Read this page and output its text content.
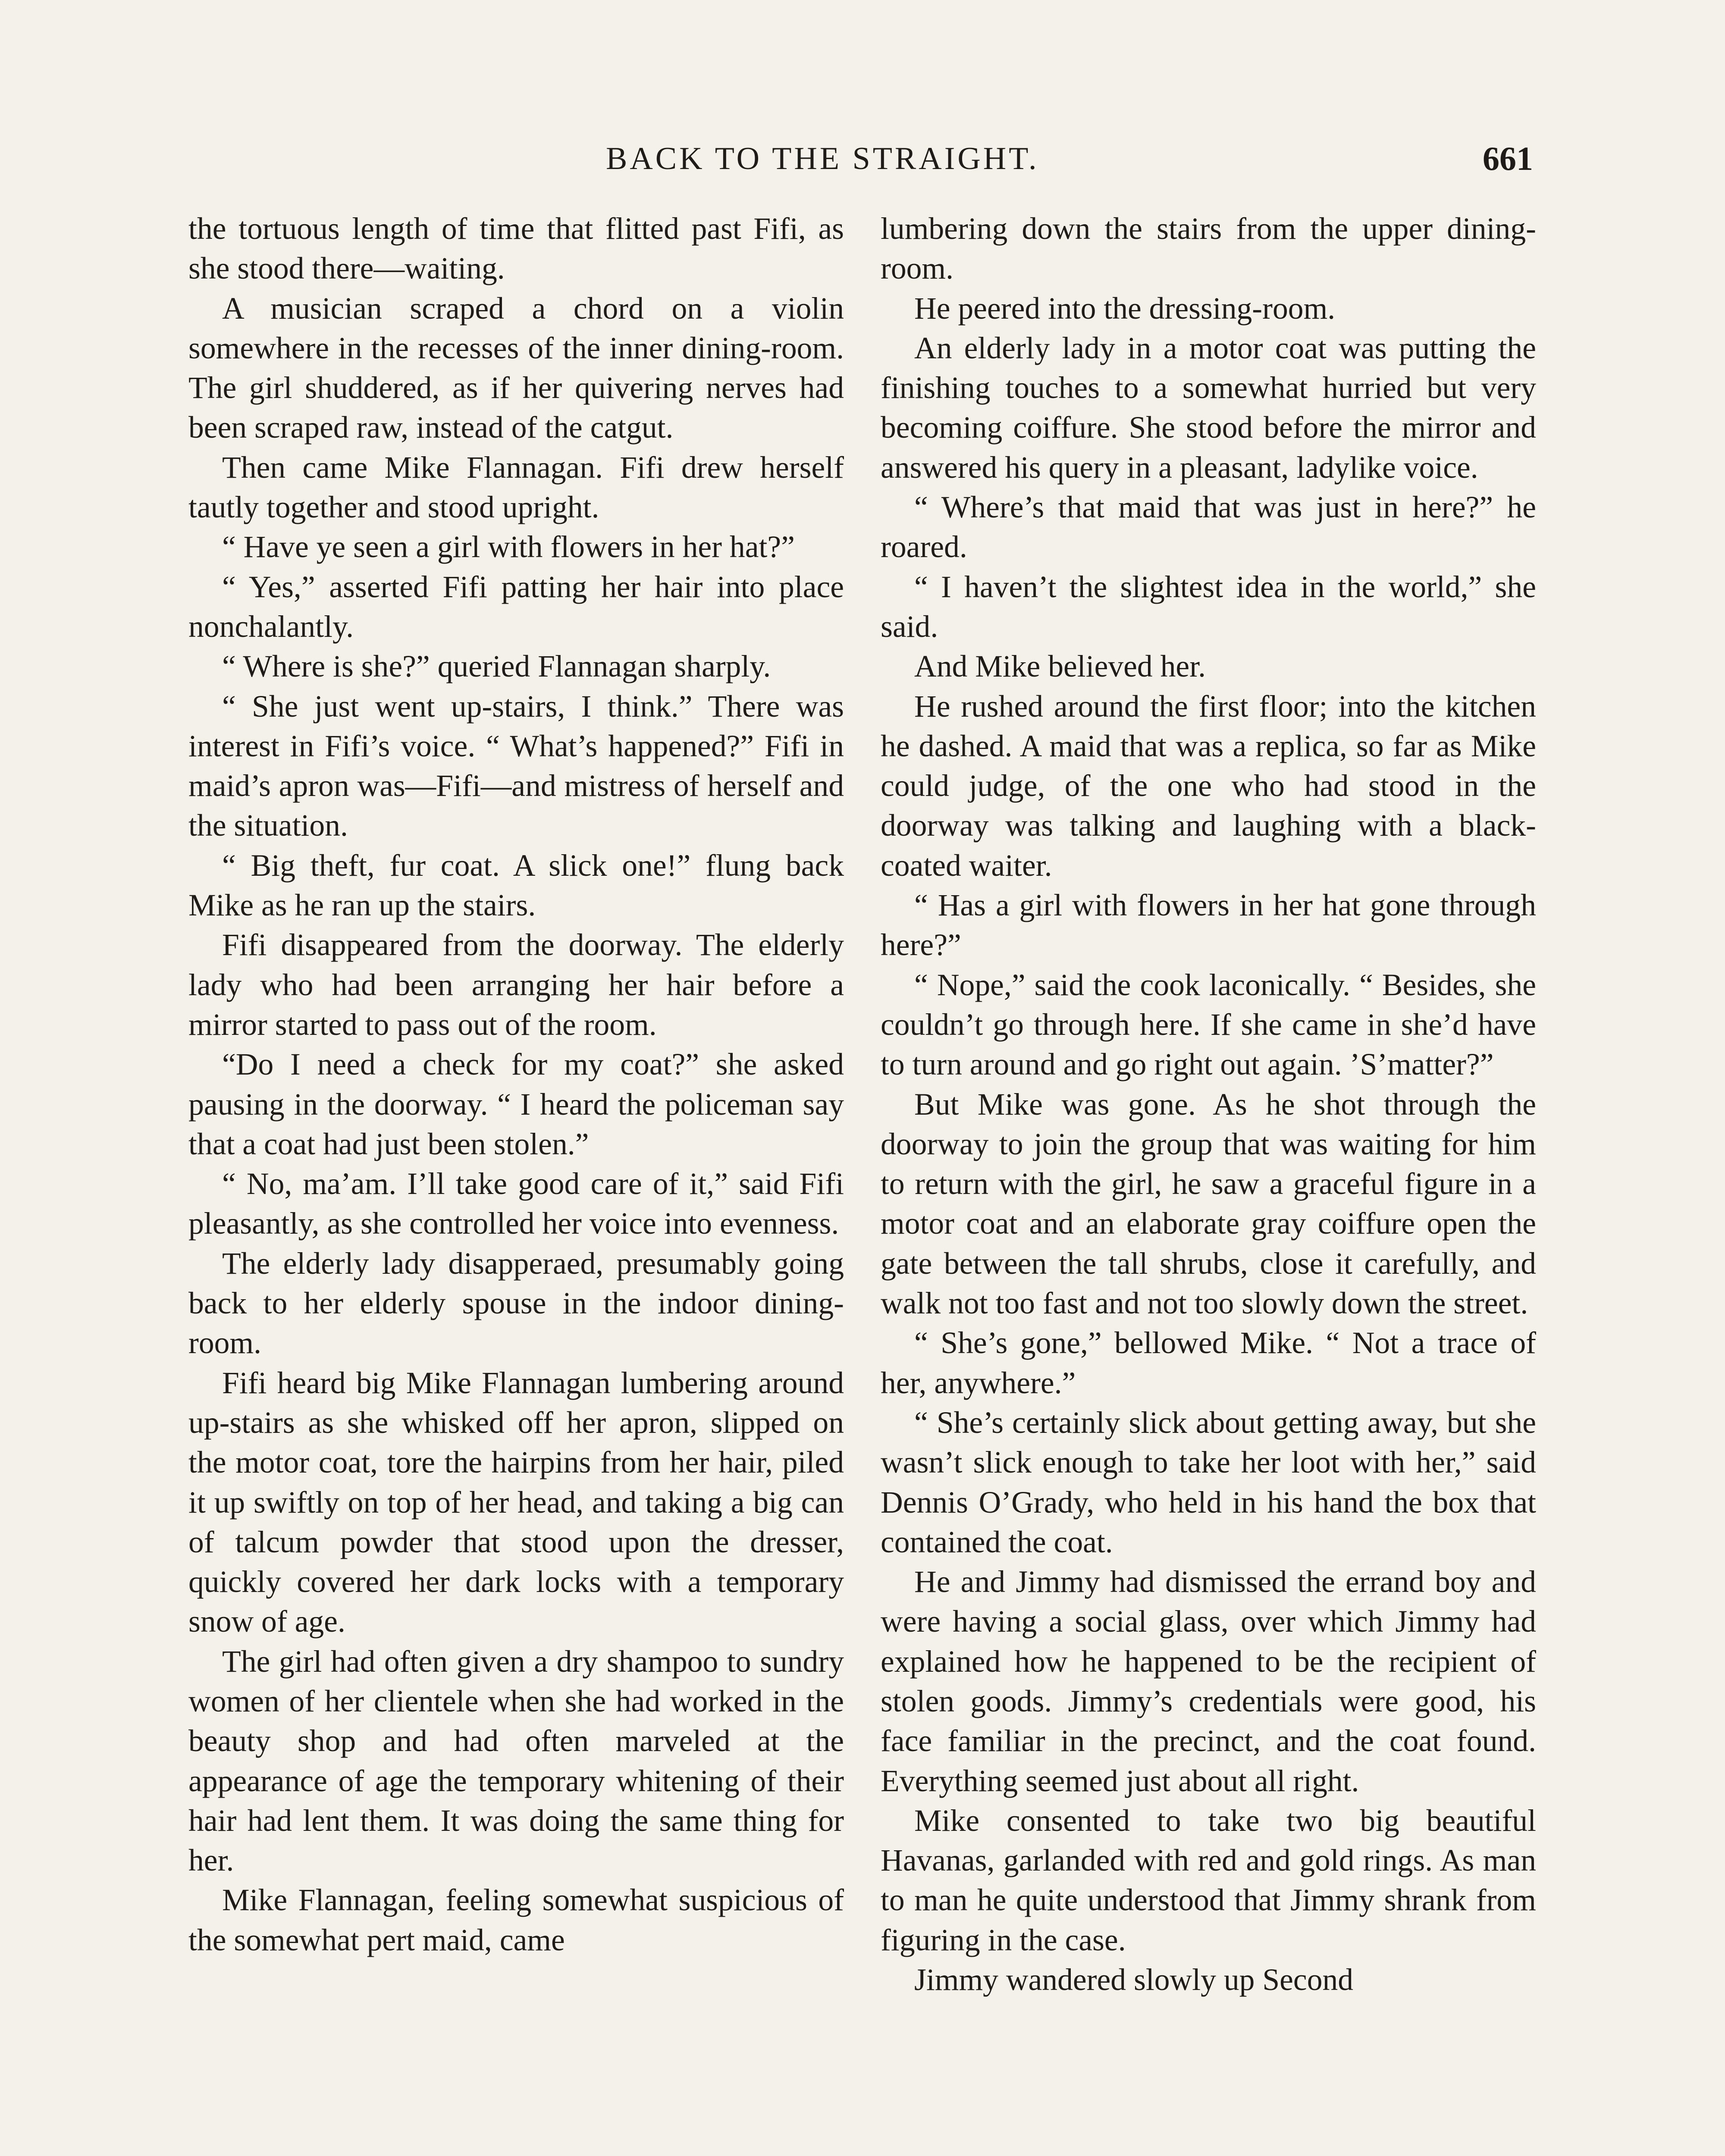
BACK TO THE STRAIGHT.	661

the tortuous length of time that flitted past Fifi, as she stood there—waiting.

A musician scraped a chord on a violin somewhere in the recesses of the inner dining-room. The girl shuddered, as if her quivering nerves had been scraped raw, instead of the catgut.

Then came Mike Flannagan. Fifi drew herself tautly together and stood upright.

“ Have ye seen a girl with flowers in her hat?”

“ Yes,” asserted Fifi patting her hair into place nonchalantly.

“ Where is she?” queried Flannagan sharply.

“ She just went up-stairs, I think.” There was interest in Fifi’s voice. “ What’s happened?” Fifi in maid’s apron was—Fifi—and mistress of herself and the situation.

“ Big theft, fur coat. A slick one!” flung back Mike as he ran up the stairs.

Fifi disappeared from the doorway. The elderly lady who had been arranging her hair before a mirror started to pass out of the room.

“Do I need a check for my coat?” she asked pausing in the doorway. “ I heard the policeman say that a coat had just been stolen.”

“ No, ma’am. I’ll take good care of it,” said Fifi pleasantly, as she controlled her voice into evenness.

The elderly lady disapperaed, presumably going back to her elderly spouse in the indoor dining-room.

Fifi heard big Mike Flannagan lumbering around up-stairs as she whisked off her apron, slipped on the motor coat, tore the hairpins from her hair, piled it up swiftly on top of her head, and taking a big can of talcum powder that stood upon the dresser, quickly covered her dark locks with a temporary snow of age.

The girl had often given a dry shampoo to sundry women of her clientele when she had worked in the beauty shop and had often marveled at the appearance of age the temporary whitening of their hair had lent them. It was doing the same thing for her.

Mike Flannagan, feeling somewhat suspicious of the somewhat pert maid, came

lumbering down the stairs from the upper dining-room.

He peered into the dressing-room.

An elderly lady in a motor coat was putting the finishing touches to a somewhat hurried but very becoming coiffure. She stood before the mirror and answered his query in a pleasant, ladylike voice.

“ Where’s that maid that was just in here?” he roared.

“ I haven’t the slightest idea in the world,” she said.

And Mike believed her.

He rushed around the first floor; into the kitchen he dashed. A maid that was a replica, so far as Mike could judge, of the one who had stood in the doorway was talking and laughing with a black-coated waiter.

“ Has a girl with flowers in her hat gone through here?”

“ Nope,” said the cook laconically. “ Besides, she couldn’t go through here. If she came in she’d have to turn around and go right out again. ’S’matter?”

But Mike was gone. As he shot through the doorway to join the group that was waiting for him to return with the girl, he saw a graceful figure in a motor coat and an elaborate gray coiffure open the gate between the tall shrubs, close it carefully, and walk not too fast and not too slowly down the street.

“ She’s gone,” bellowed Mike. “ Not a trace of her, anywhere.”

“ She’s certainly slick about getting away, but she wasn’t slick enough to take her loot with her,” said Dennis O’Grady, who held in his hand the box that contained the coat.

He and Jimmy had dismissed the errand boy and were having a social glass, over which Jimmy had explained how he happened to be the recipient of stolen goods. Jimmy’s credentials were good, his face familiar in the precinct, and the coat found. Everything seemed just about all right.

Mike consented to take two big beautiful Havanas, garlanded with red and gold rings. As man to man he quite understood that Jimmy shrank from figuring in the case.

Jimmy wandered slowly up Second
